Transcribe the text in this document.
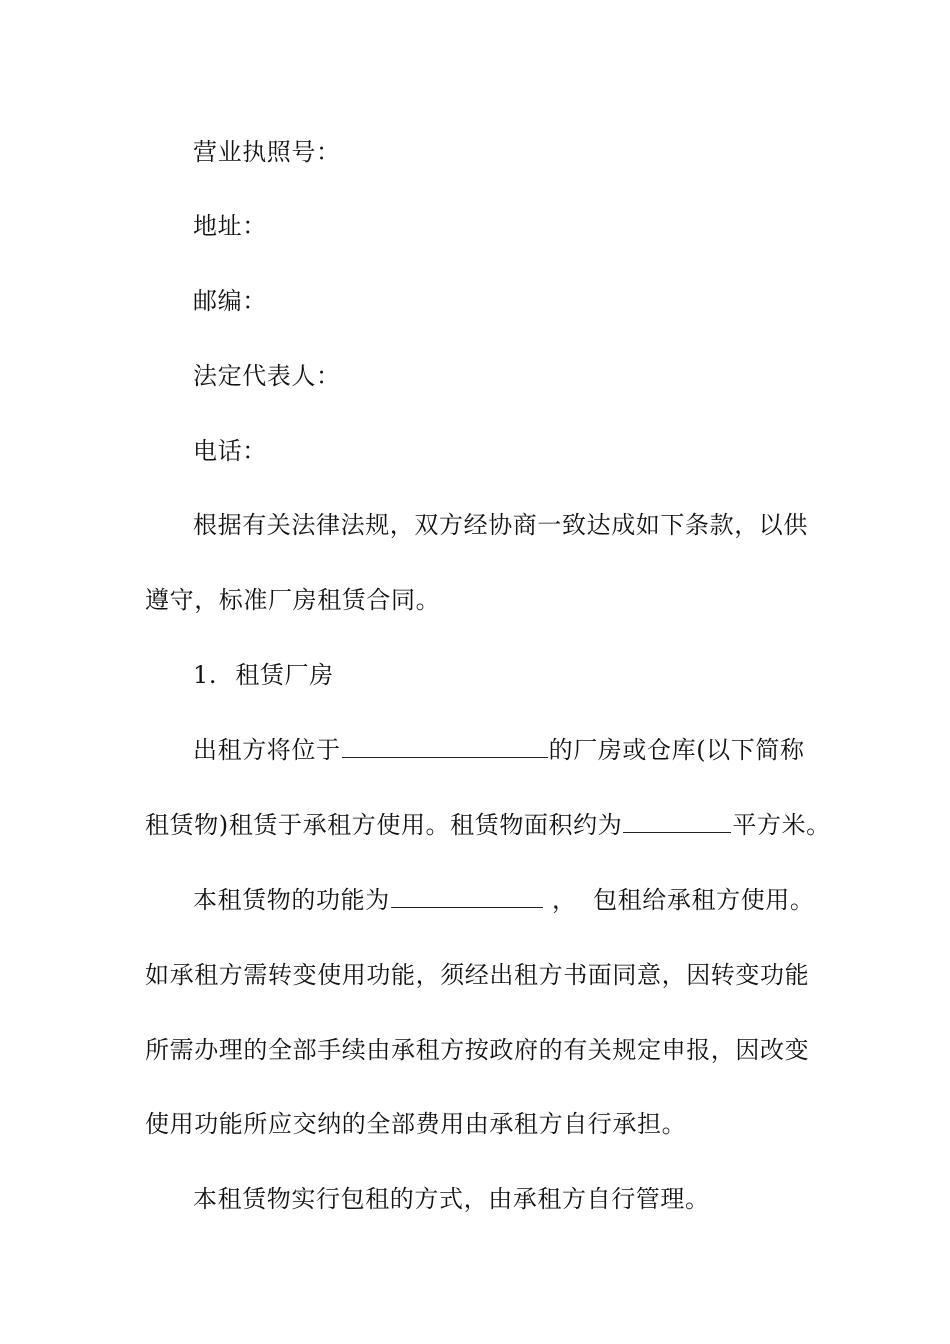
营业执照号：
地址：
邮编：
法定代表人：
电话：
根据有关法律法规，双方经协商一致达成如下条款，以供
遵守，标准厂房租赁合同。
1. 租赁厂房
出租方将位于	的厂房或仓库(以下简称
租赁物)租赁于承租方使用。租赁物面积约为	平方米。
本租赁物的功能为	，  包租给承租方使用。
如承租方需转变使用功能，须经出租方书面同意，因转变功能
所需办理的全部手续由承租方按政府的有关规定申报，因改变
使用功能所应交纳的全部费用由承租方自行承担。
本租赁物实行包租的方式，由承租方自行管理。
